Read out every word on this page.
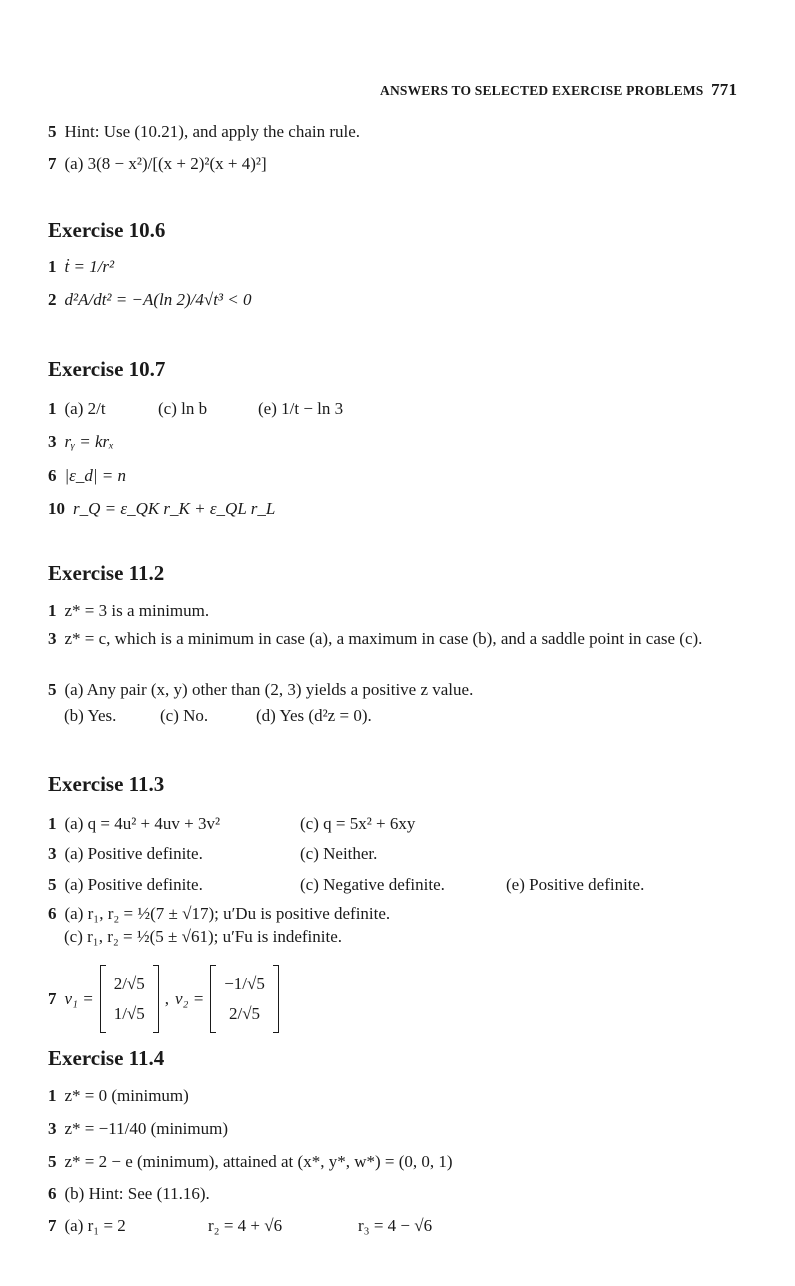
ANSWERS TO SELECTED EXERCISE PROBLEMS 771
5 Hint: Use (10.21), and apply the chain rule.
7 (a) 3(8 − x²)/[(x + 2)²(x + 4)²]
Exercise 10.6
1 ṫ = 1/r²
2 d²A/dt² = −A(ln 2)/4√t³ < 0
Exercise 10.7
1 (a) 2/t	(c) ln b	(e) 1/t − ln 3
3 rᵧ = krₓ
6 |ε_d| = n
10 r_Q = ε_QK r_K + ε_QL r_L
Exercise 11.2
1 z* = 3 is a minimum.
3 z* = c, which is a minimum in case (a), a maximum in case (b), and a saddle point in case (c).
5 (a) Any pair (x, y) other than (2, 3) yields a positive z value.
(b) Yes.	(c) No.	(d) Yes (d²z = 0).
Exercise 11.3
1 (a) q = 4u² + 4uv + 3v²	(c) q = 5x² + 6xy
3 (a) Positive definite.	(c) Neither.
5 (a) Positive definite.	(c) Negative definite.	(e) Positive definite.
6 (a) r₁, r₂ = ½(7 ± √17); u′Du is positive definite.
(c) r₁, r₂ = ½(5 ± √61); u′Fu is indefinite.
7 v₁ =
2/√5
1/√5
, v₂ =
−1/√5
2/√5
Exercise 11.4
1 z* = 0 (minimum)
3 z* = −11/40 (minimum)
5 z* = 2 − e (minimum), attained at (x*, y*, w*) = (0, 0, 1)
6 (b) Hint: See (11.16).
7 (a) r₁ = 2	r₂ = 4 + √6	r₃ = 4 − √6
